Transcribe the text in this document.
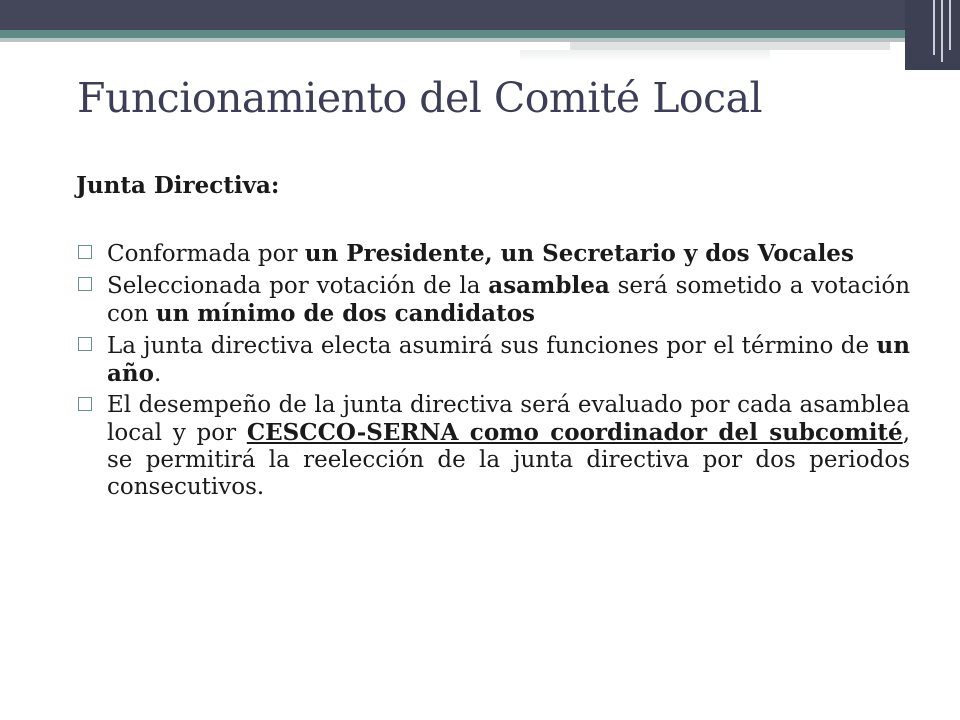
Funcionamiento del Comité Local
Junta Directiva:
Conformada por un Presidente, un Secretario y dos Vocales
Seleccionada por votación de la asamblea será sometido a votación con un mínimo de dos candidatos
La junta directiva electa asumirá sus funciones por el término de un año.
El desempeño de la junta directiva será evaluado por cada asamblea local y por CESCCO-SERNA como coordinador del subcomité, se permitirá la reelección de la junta directiva por dos periodos consecutivos.
